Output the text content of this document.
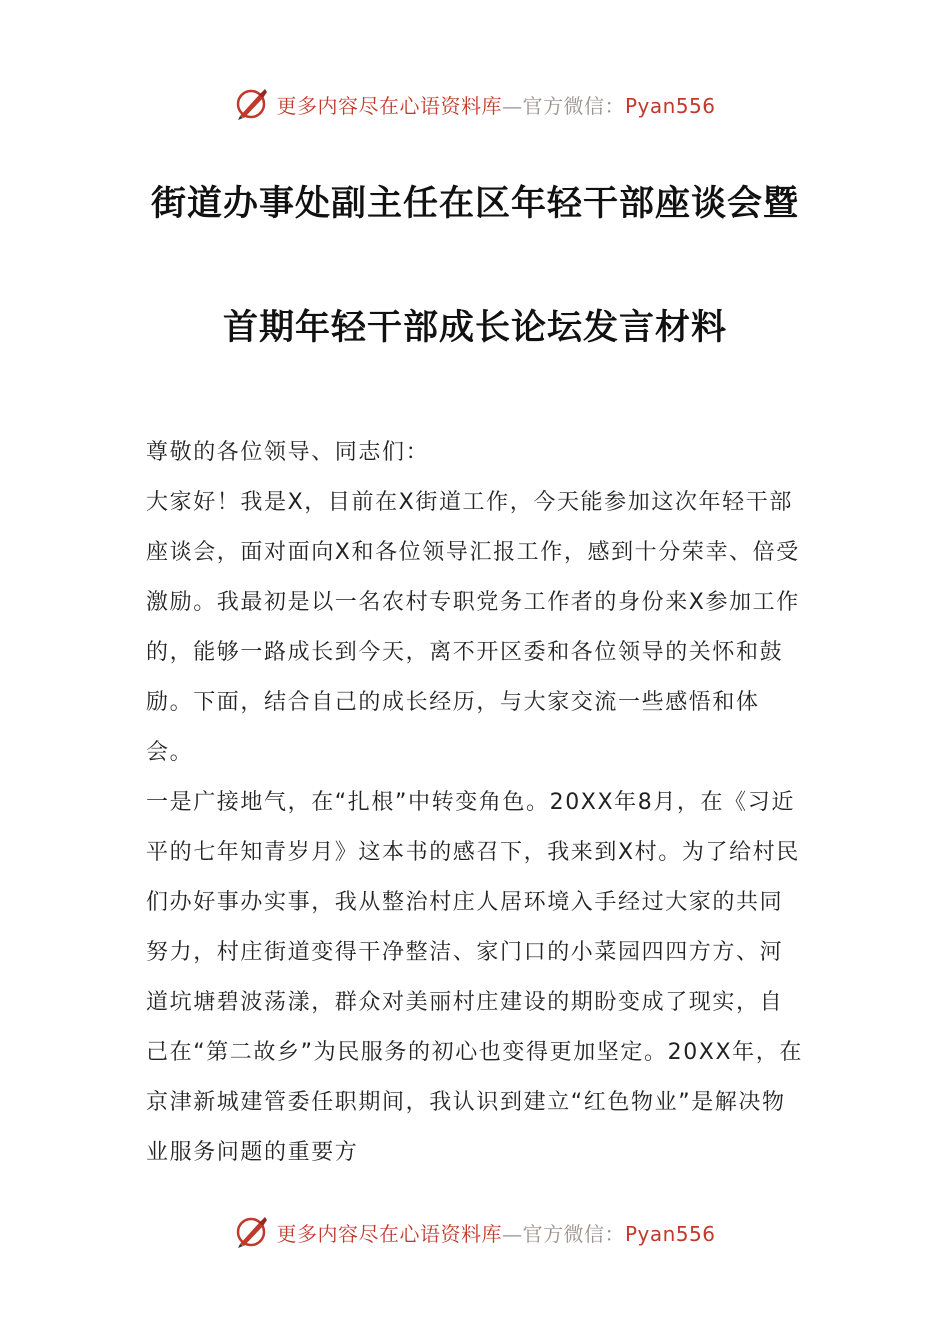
更多内容尽在心语资料库—官方微信：Pyan556
街道办事处副主任在区年轻干部座谈会暨
首期年轻干部成长论坛发言材料

尊敬的各位领导、同志们：

大家好！我是X，目前在X街道工作，今天能参加这次年轻干部座谈会，面对面向X和各位领导汇报工作，感到十分荣幸、倍受激励。我最初是以一名农村专职党务工作者的身份来X参加工作的，能够一路成长到今天，离不开区委和各位领导的关怀和鼓励。下面，结合自己的成长经历，与大家交流一些感悟和体会。

一是广接地气，在“扎根”中转变角色。20XX年8月，在《习近平的七年知青岁月》这本书的感召下，我来到X村。为了给村民们办好事办实事，我从整治村庄人居环境入手经过大家的共同努力，村庄街道变得干净整洁、家门口的小菜园四四方方、河道坑塘碧波荡漾，群众对美丽村庄建设的期盼变成了现实，自己在“第二故乡”为民服务的初心也变得更加坚定。20XX年，在京津新城建管委任职期间，我认识到建立“红色物业”是解决物业服务问题的重要方

更多内容尽在心语资料库—官方微信：Pyan556
